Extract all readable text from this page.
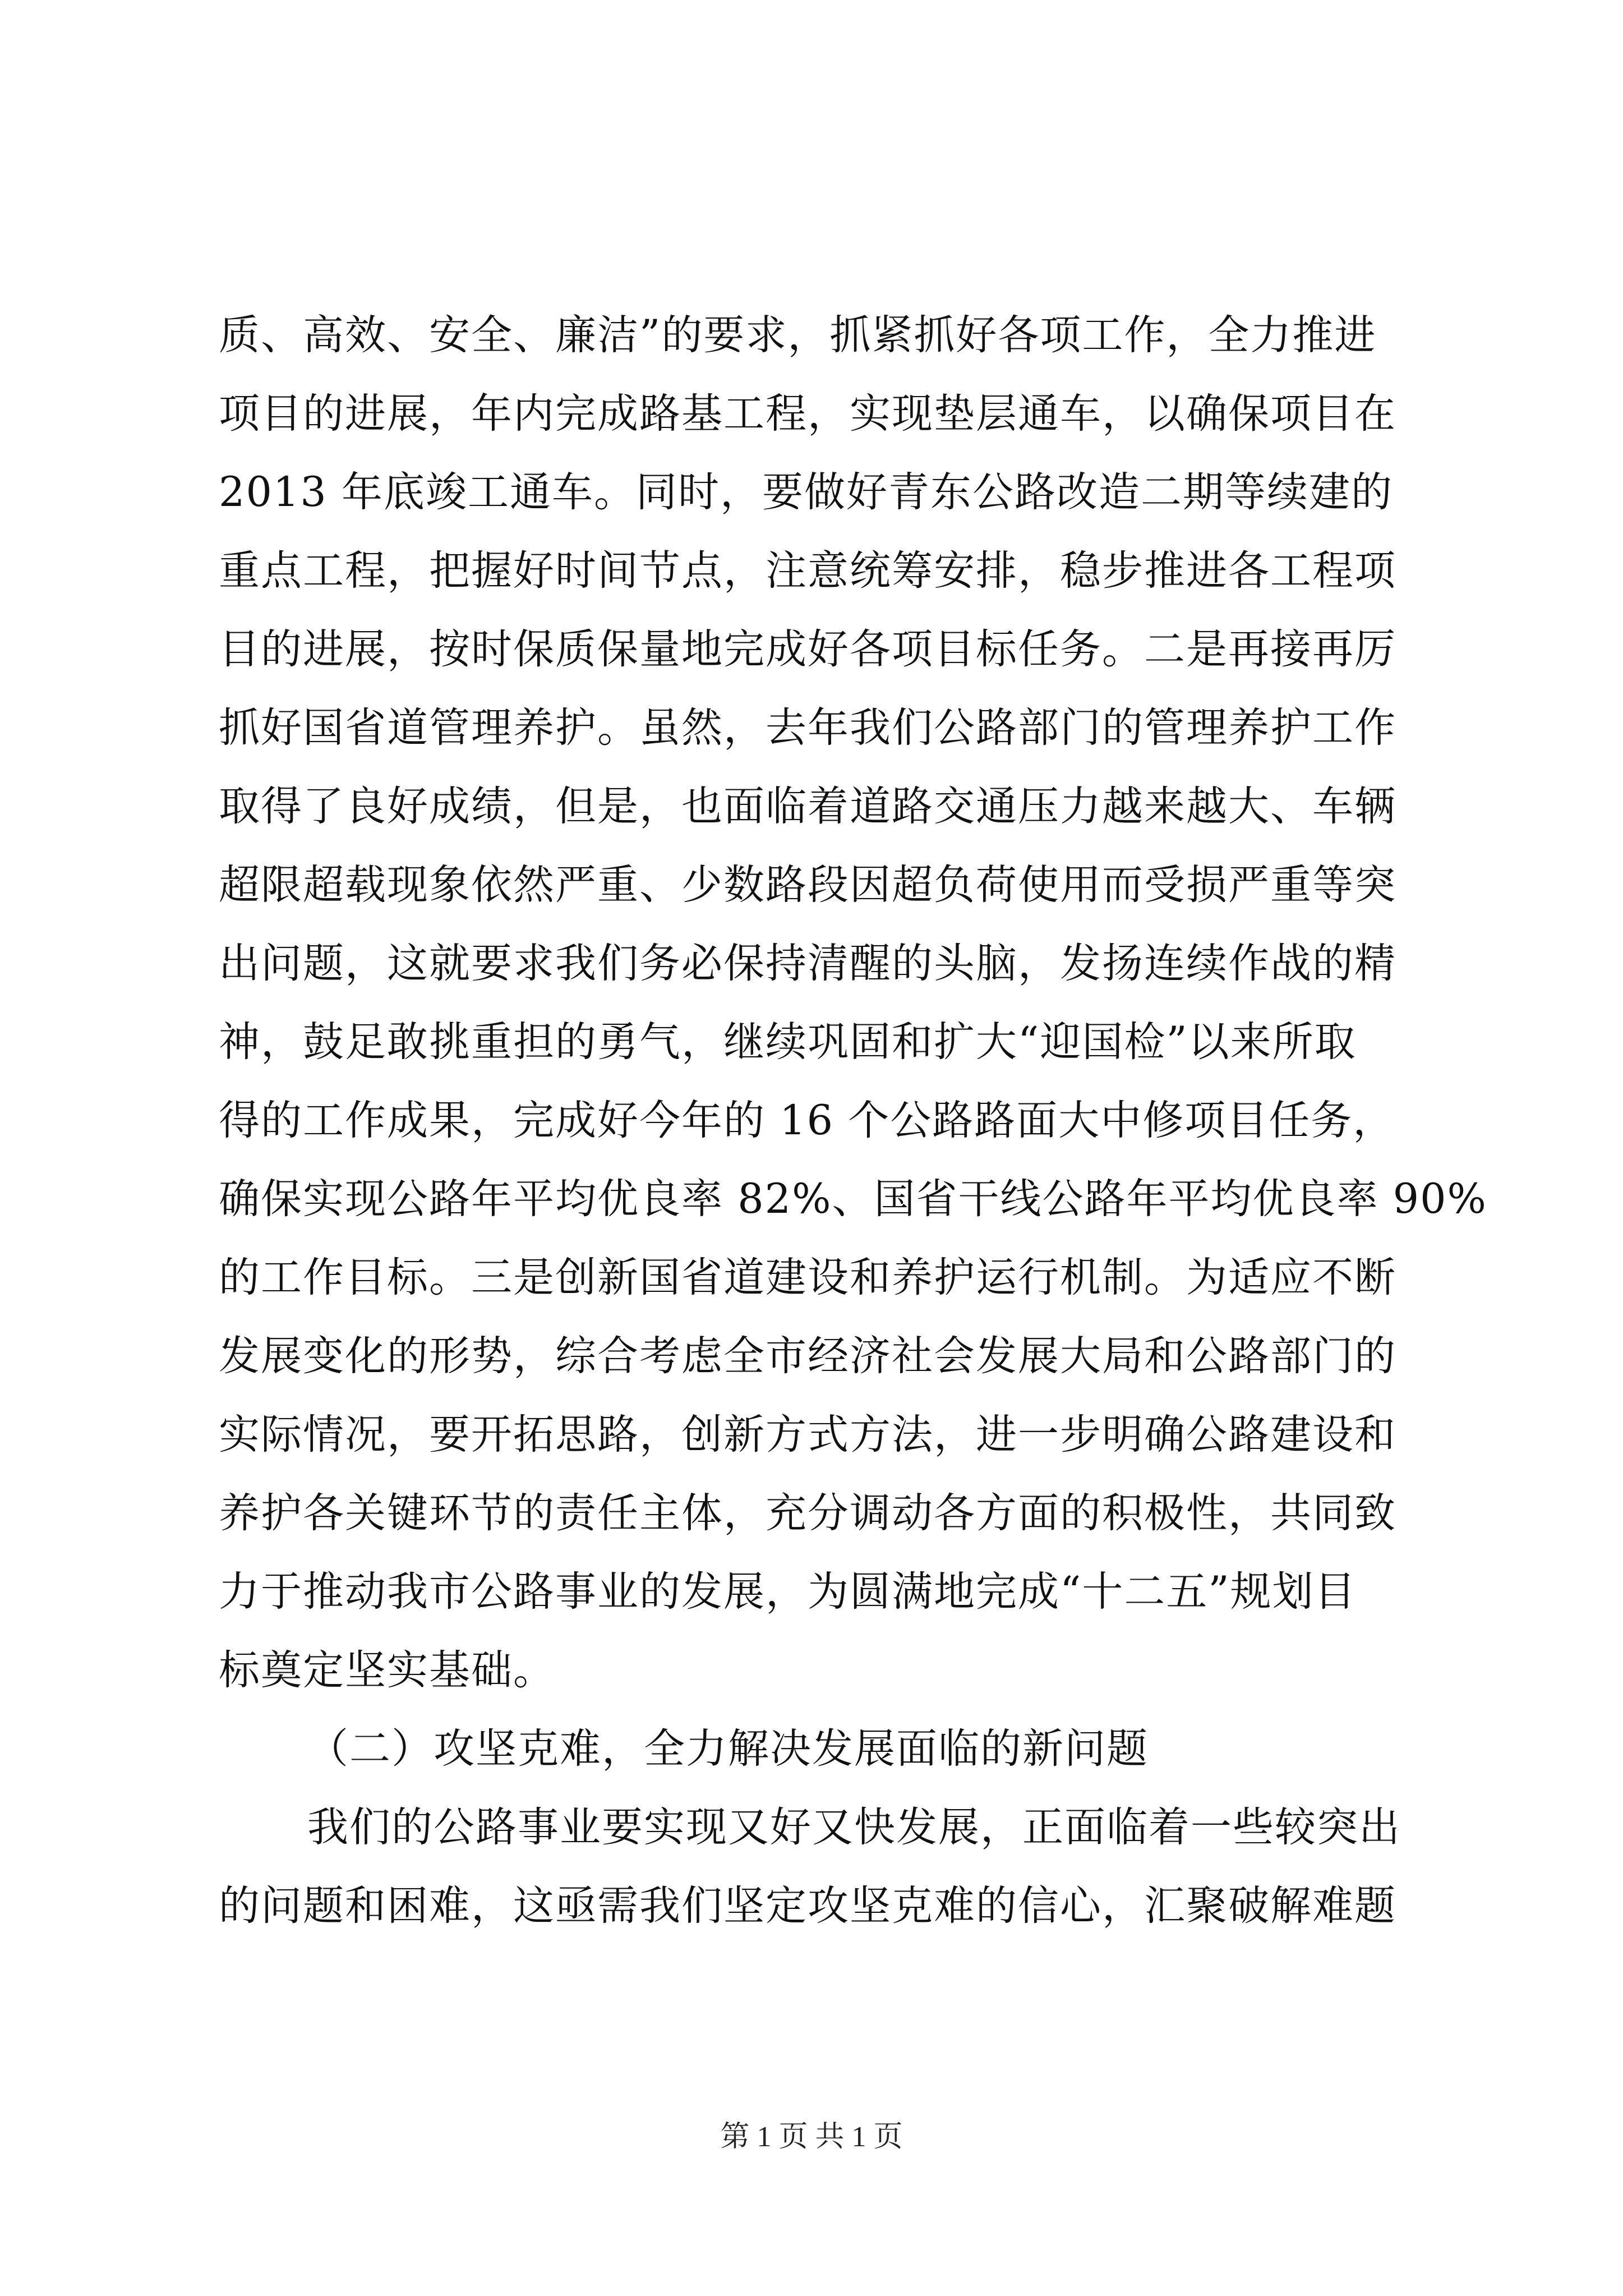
质、高效、安全、廉洁”的要求，抓紧抓好各项工作，全力推进
项目的进展，年内完成路基工程，实现垫层通车，以确保项目在
2013 年底竣工通车。同时，要做好青东公路改造二期等续建的
重点工程，把握好时间节点，注意统筹安排，稳步推进各工程项
目的进展，按时保质保量地完成好各项目标任务。二是再接再厉
抓好国省道管理养护。虽然，去年我们公路部门的管理养护工作
取得了良好成绩，但是，也面临着道路交通压力越来越大、车辆
超限超载现象依然严重、少数路段因超负荷使用而受损严重等突
出问题，这就要求我们务必保持清醒的头脑，发扬连续作战的精
神，鼓足敢挑重担的勇气，继续巩固和扩大“迎国检”以来所取
得的工作成果，完成好今年的 16 个公路路面大中修项目任务，
确保实现公路年平均优良率 82%、国省干线公路年平均优良率 90%
的工作目标。三是创新国省道建设和养护运行机制。为适应不断
发展变化的形势，综合考虑全市经济社会发展大局和公路部门的
实际情况，要开拓思路，创新方式方法，进一步明确公路建设和
养护各关键环节的责任主体，充分调动各方面的积极性，共同致
力于推动我市公路事业的发展，为圆满地完成“十二五”规划目
标奠定坚实基础。
（二）攻坚克难，全力解决发展面临的新问题
我们的公路事业要实现又好又快发展，正面临着一些较突出
的问题和困难，这亟需我们坚定攻坚克难的信心，汇聚破解难题
第 1 页 共 1 页
